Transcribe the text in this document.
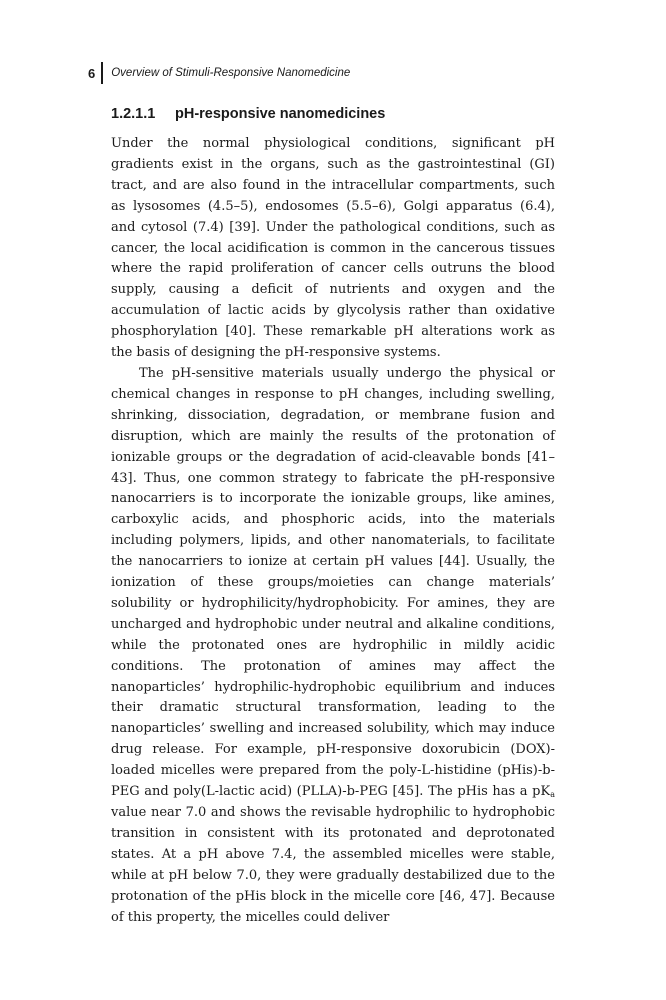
6 Overview of Stimuli-Responsive Nanomedicine
1.2.1.1	pH-responsive nanomedicines

Under the normal physiological conditions, significant pH gradients exist in the organs, such as the gastrointestinal (GI) tract, and are also found in the intracellular compartments, such as lysosomes (4.5–5), endosomes (5.5–6), Golgi apparatus (6.4), and cytosol (7.4) [39]. Under the pathological conditions, such as cancer, the local acidification is common in the cancerous tissues where the rapid proliferation of cancer cells outruns the blood supply, causing a deficit of nutrients and oxygen and the accumulation of lactic acids by glycolysis rather than oxidative phosphorylation [40]. These remarkable pH alterations work as the basis of designing the pH-responsive systems.

The pH-sensitive materials usually undergo the physical or chemical changes in response to pH changes, including swelling, shrinking, dissociation, degradation, or membrane fusion and disruption, which are mainly the results of the protonation of ionizable groups or the degradation of acid-cleavable bonds [41–43]. Thus, one common strategy to fabricate the pH-responsive nanocarriers is to incorporate the ionizable groups, like amines, carboxylic acids, and phosphoric acids, into the materials including polymers, lipids, and other nanomaterials, to facilitate the nanocarriers to ionize at certain pH values [44]. Usually, the ionization of these groups/moieties can change materials’ solubility or hydrophilicity/hydrophobicity. For amines, they are uncharged and hydrophobic under neutral and alkaline conditions, while the protonated ones are hydrophilic in mildly acidic conditions. The protonation of amines may affect the nanoparticles’ hydrophilic-hydrophobic equilibrium and induces their dramatic structural transformation, leading to the nanoparticles’ swelling and increased solubility, which may induce drug release. For example, pH-responsive doxorubicin (DOX)-loaded micelles were prepared from the poly-L-histidine (pHis)-b-PEG and poly(L-lactic acid) (PLLA)-b-PEG [45]. The pHis has a $pK_a$ value near 7.0 and shows the revisable hydrophilic to hydrophobic transition in consistent with its protonated and deprotonated states. At a pH above 7.4, the assembled micelles were stable, while at pH below 7.0, they were gradually destabilized due to the protonation of the pHis block in the micelle core [46, 47]. Because of this property, the micelles could deliver
